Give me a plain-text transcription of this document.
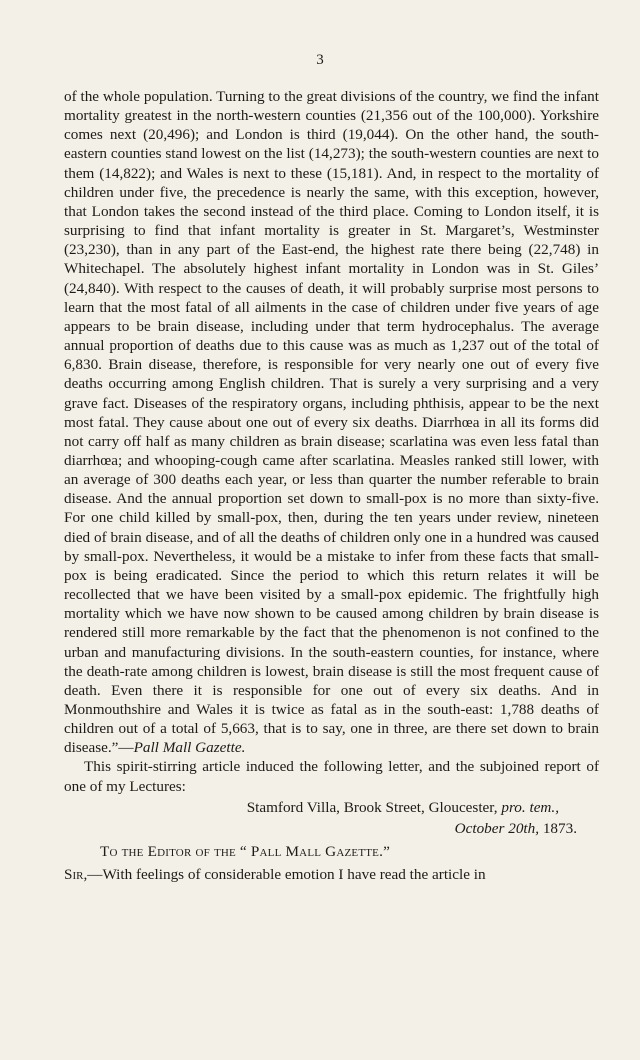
3

of the whole population. Turning to the great divisions of the country, we find the infant mortality greatest in the north-western counties (21,356 out of the 100,000). Yorkshire comes next (20,496); and London is third (19,044). On the other hand, the south-eastern counties stand lowest on the list (14,273); the south-western counties are next to them (14,822); and Wales is next to these (15,181). And, in respect to the mortality of children under five, the precedence is nearly the same, with this exception, however, that London takes the second instead of the third place. Coming to London itself, it is surprising to find that infant mortality is greater in St. Margaret’s, Westminster (23,230), than in any part of the East-end, the highest rate there being (22,748) in Whitechapel. The absolutely highest infant mortality in London was in St. Giles’ (24,840). With respect to the causes of death, it will probably surprise most persons to learn that the most fatal of all ailments in the case of children under five years of age appears to be brain disease, including under that term hydrocephalus. The average annual proportion of deaths due to this cause was as much as 1,237 out of the total of 6,830. Brain disease, therefore, is responsible for very nearly one out of every five deaths occurring among English children. That is surely a very surprising and a very grave fact. Diseases of the respiratory organs, including phthisis, appear to be the next most fatal. They cause about one out of every six deaths. Diarrhœa in all its forms did not carry off half as many children as brain disease; scarlatina was even less fatal than diarrhœa; and whooping-cough came after scarlatina. Measles ranked still lower, with an average of 300 deaths each year, or less than quarter the number referable to brain disease. And the annual proportion set down to small-pox is no more than sixty-five. For one child killed by small-pox, then, during the ten years under review, nineteen died of brain disease, and of all the deaths of children only one in a hundred was caused by small-pox. Nevertheless, it would be a mistake to infer from these facts that small-pox is being eradicated. Since the period to which this return relates it will be recollected that we have been visited by a small-pox epidemic. The frightfully high mortality which we have now shown to be caused among children by brain disease is rendered still more remarkable by the fact that the phenomenon is not confined to the urban and manufacturing divisions. In the south-eastern counties, for instance, where the death-rate among children is lowest, brain disease is still the most frequent cause of death. Even there it is responsible for one out of every six deaths. And in Monmouthshire and Wales it is twice as fatal as in the south-east: 1,788 deaths of children out of a total of 5,663, that is to say, one in three, are there set down to brain disease.”—Pall Mall Gazette.

This spirit-stirring article induced the following letter, and the subjoined report of one of my Lectures:

Stamford Villa, Brook Street, Gloucester, pro. tem.,

October 20th, 1873.

To the Editor of the “ Pall Mall Gazette.”

Sir,—With feelings of considerable emotion I have read the article in
